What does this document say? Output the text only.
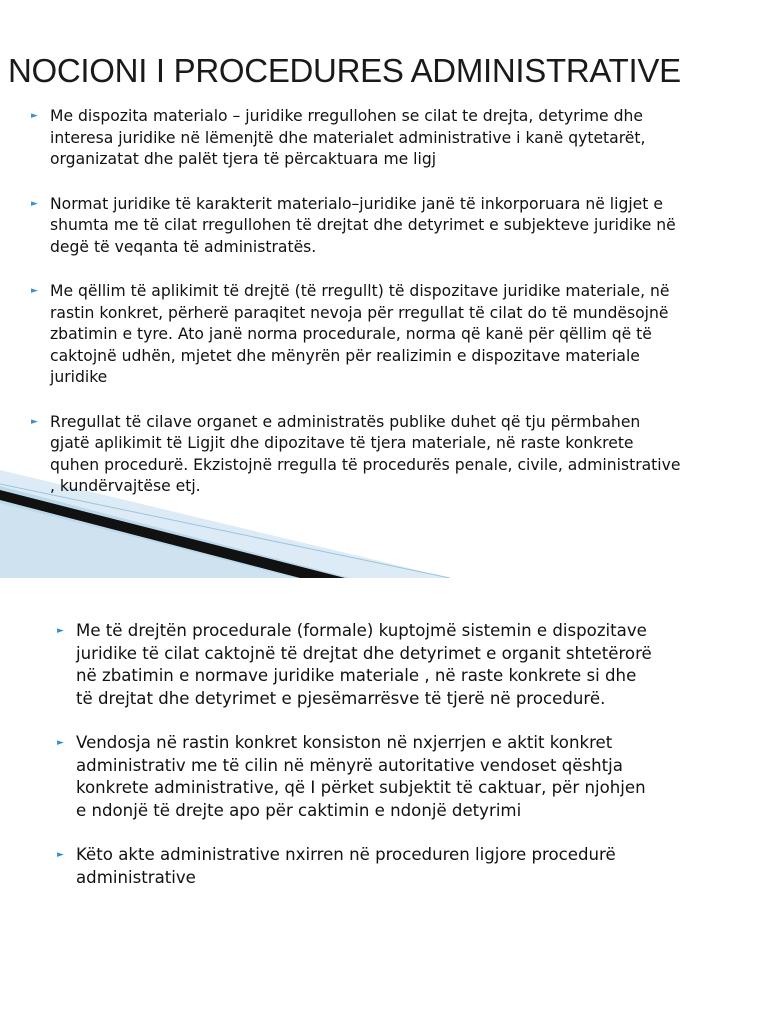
NOCIONI I PROCEDURES ADMINISTRATIVE
► Me dispozita materialo – juridike rregullohen se cilat te drejta, detyrime dhe
interesa juridike në lëmenjtë dhe materialet administrative i kanë qytetarët,
organizatat dhe palët tjera të përcaktuara me ligj
► Normat juridike të karakterit materialo–juridike janë të inkorporuara në ligjet e
shumta me të cilat rregullohen të drejtat dhe detyrimet e subjekteve juridike në
degë të veqanta të administratës.
► Me qëllim të aplikimit të drejtë (të rregullt) të dispozitave juridike materiale, në
rastin konkret, përherë paraqitet nevoja për rregullat të cilat do të mundësojnë
zbatimin e tyre. Ato janë norma procedurale, norma që kanë për qëllim që të
caktojnë udhën, mjetet dhe mënyrën për realizimin e dispozitave materiale
juridike
► Rregullat të cilave organet e administratës publike duhet që tju përmbahen
gjatë aplikimit të Ligjit dhe dipozitave të tjera materiale, në raste konkrete
quhen procedurë. Ekzistojnë rregulla të procedurës penale, civile, administrative
, kundërvajtëse etj.
► Me të drejtën procedurale (formale) kuptojmë sistemin e dispozitave
juridike të cilat caktojnë të drejtat dhe detyrimet e organit shtetërorë
në zbatimin e normave juridike materiale , në raste konkrete si dhe
të drejtat dhe detyrimet e pjesëmarrësve të tjerë në procedurë.
► Vendosja në rastin konkret konsiston në nxjerrjen e aktit konkret
administrativ me të cilin në mënyrë autoritative vendoset qështja
konkrete administrative, që I përket subjektit të caktuar, për njohjen
e ndonjë të drejte apo për caktimin e ndonjë detyrimi
► Këto akte administrative nxirren në proceduren ligjore procedurë
administrative
